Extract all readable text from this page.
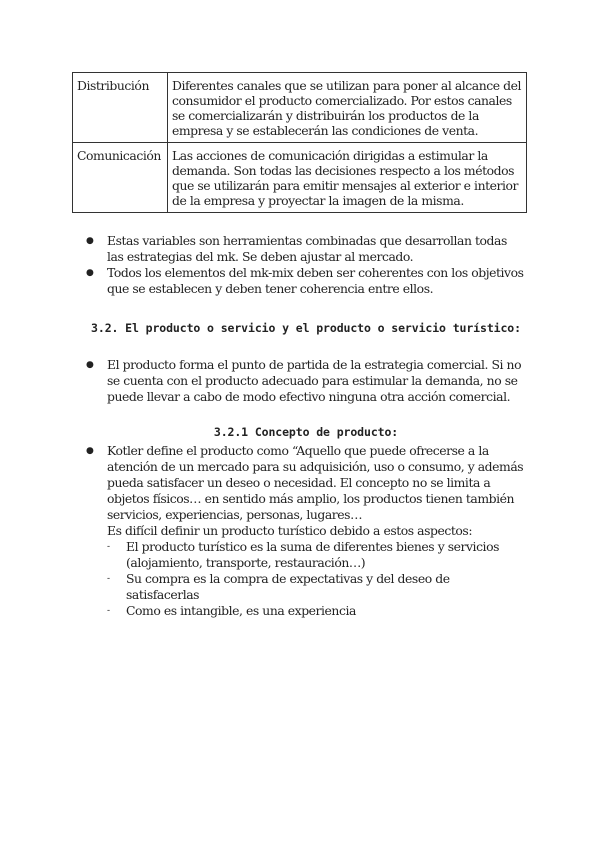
Distribución	Diferentes canales que se utilizan para poner al alcance del consumidor el producto comercializado. Por estos canales se comercializarán y distribuirán los productos de la empresa y se establecerán las condiciones de venta.
Comunicación	Las acciones de comunicación dirigidas a estimular la demanda. Son todas las decisiones respecto a los métodos que se utilizarán para emitir mensajes al exterior e interior de la empresa y proyectar la imagen de la misma.
● Estas variables son herramientas combinadas que desarrollan todas las estrategias del mk. Se deben ajustar al mercado.
● Todos los elementos del mk-mix deben ser coherentes con los objetivos que se establecen y deben tener coherencia entre ellos.
3.2. El producto o servicio y el producto o servicio turístico:
● El producto forma el punto de partida de la estrategia comercial. Si no se cuenta con el producto adecuado para estimular la demanda, no se puede llevar a cabo de modo efectivo ninguna otra acción comercial.
3.2.1 Concepto de producto:
● Kotler define el producto como “Aquello que puede ofrecerse a la atención de un mercado para su adquisición, uso o consumo, y además pueda satisfacer un deseo o necesidad. El concepto no se limita a objetos físicos… en sentido más amplio, los productos tienen también servicios, experiencias, personas, lugares…
Es difícil definir un producto turístico debido a estos aspectos:
- El producto turístico es la suma de diferentes bienes y servicios (alojamiento, transporte, restauración…)
- Su compra es la compra de expectativas y del deseo de satisfacerlas
- Como es intangible, es una experiencia
